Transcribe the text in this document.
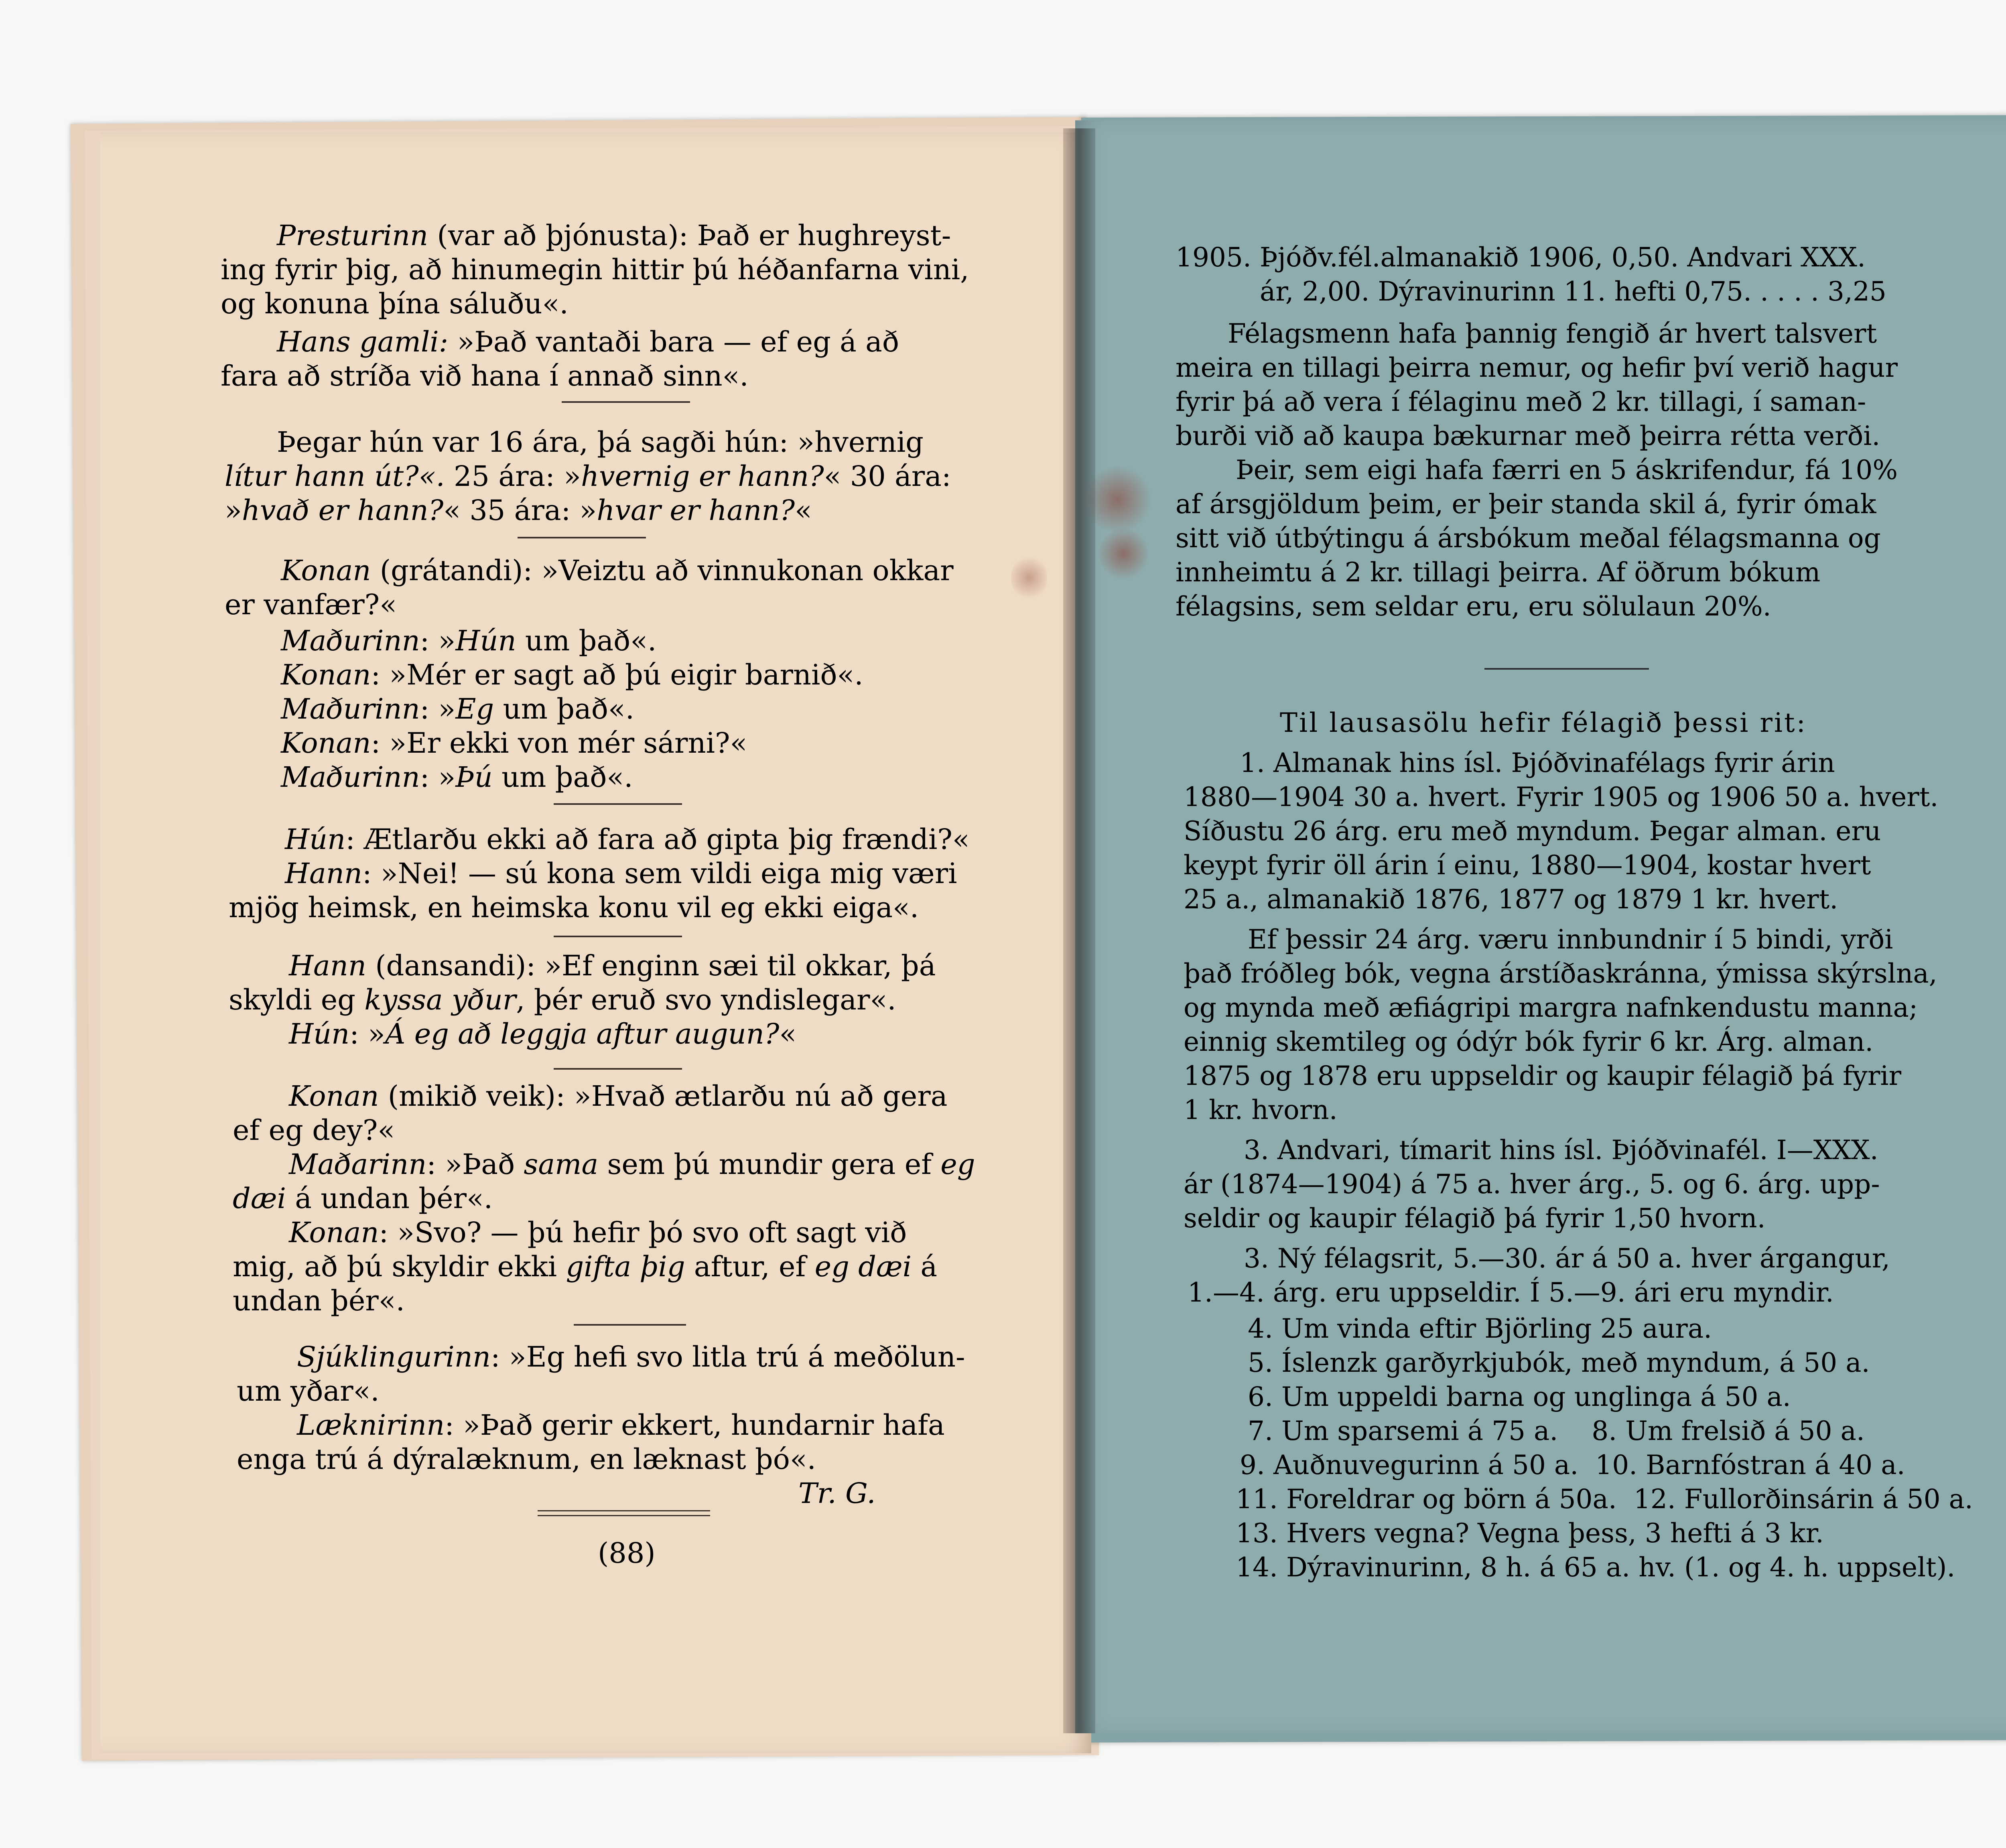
Presturinn (var að þjónusta): Það er hughreyst-
ing fyrir þig, að hinumegin hittir þú héðanfarna vini,
og konuna þína sáluðu«.
Hans gamli: »Það vantaði bara — ef eg á að
fara að stríða við hana í annað sinn«.
Þegar hún var 16 ára, þá sagði hún: »hvernig
lítur hann út?«. 25 ára: »hvernig er hann?« 30 ára:
»hvað er hann?« 35 ára: »hvar er hann?«
Konan (grátandi): »Veiztu að vinnukonan okkar
er vanfær?«
Maðurinn: »Hún um það«.
Konan: »Mér er sagt að þú eigir barnið«.
Maðurinn: »Eg um það«.
Konan: »Er ekki von mér sárni?«
Maðurinn: »Þú um það«.
Hún: Ætlarðu ekki að fara að gipta þig frændi?«
Hann: »Nei! — sú kona sem vildi eiga mig væri
mjög heimsk, en heimska konu vil eg ekki eiga«.
Hann (dansandi): »Ef enginn sæi til okkar, þá
skyldi eg kyssa yður, þér eruð svo yndislegar«.
Hún: »Á eg að leggja aftur augun?«
Konan (mikið veik): »Hvað ætlarðu nú að gera
ef eg dey?«
Maðarinn: »Það sama sem þú mundir gera ef eg
dæi á undan þér«.
Konan: »Svo? — þú hefir þó svo oft sagt við
mig, að þú skyldir ekki gifta þig aftur, ef eg dæi á
undan þér«.
Sjúklingurinn: »Eg hefi svo litla trú á meðölun-
um yðar«.
Læknirinn: »Það gerir ekkert, hundarnir hafa
enga trú á dýralæknum, en læknast þó«.
Tr. G.
(88)
1905. Þjóðv.fél.almanakið 1906, 0,50. Andvari XXX.
ár, 2,00. Dýravinurinn 11. hefti 0,75. . . . . 3,25
Félagsmenn hafa þannig fengið ár hvert talsvert
meira en tillagi þeirra nemur, og hefir því verið hagur
fyrir þá að vera í félaginu með 2 kr. tillagi, í saman-
burði við að kaupa bækurnar með þeirra rétta verði.
Þeir, sem eigi hafa færri en 5 áskrifendur, fá 10%
af ársgjöldum þeim, er þeir standa skil á, fyrir ómak
sitt við útbýtingu á ársbókum meðal félagsmanna og
innheimtu á 2 kr. tillagi þeirra. Af öðrum bókum
félagsins, sem seldar eru, eru sölulaun 20%.
Til lausasölu hefir félagið þessi rit:
1. Almanak hins ísl. Þjóðvinafélags fyrir árin
1880—1904 30 a. hvert. Fyrir 1905 og 1906 50 a. hvert.
Síðustu 26 árg. eru með myndum. Þegar alman. eru
keypt fyrir öll árin í einu, 1880—1904, kostar hvert
25 a., almanakið 1876, 1877 og 1879 1 kr. hvert.
Ef þessir 24 árg. væru innbundnir í 5 bindi, yrði
það fróðleg bók, vegna árstíðaskránna, ýmissa skýrslna,
og mynda með æfiágripi margra nafnkendustu manna;
einnig skemtileg og ódýr bók fyrir 6 kr. Árg. alman.
1875 og 1878 eru uppseldir og kaupir félagið þá fyrir
1 kr. hvorn.
3. Andvari, tímarit hins ísl. Þjóðvinafél. I—XXX.
ár (1874—1904) á 75 a. hver árg., 5. og 6. árg. upp-
seldir og kaupir félagið þá fyrir 1,50 hvorn.
3. Ný félagsrit, 5.—30. ár á 50 a. hver árgangur,
1.—4. árg. eru uppseldir. Í 5.—9. ári eru myndir.
4. Um vinda eftir Björling 25 aura.
5. Íslenzk garðyrkjubók, með myndum, á 50 a.
6. Um uppeldi barna og unglinga á 50 a.
7. Um sparsemi á 75 a.    8. Um frelsið á 50 a.
9. Auðnuvegurinn á 50 a.  10. Barnfóstran á 40 a.
11. Foreldrar og börn á 50a.  12. Fullorðinsárin á 50 a.
13. Hvers vegna? Vegna þess, 3 hefti á 3 kr.
14. Dýravinurinn, 8 h. á 65 a. hv. (1. og 4. h. uppselt).
